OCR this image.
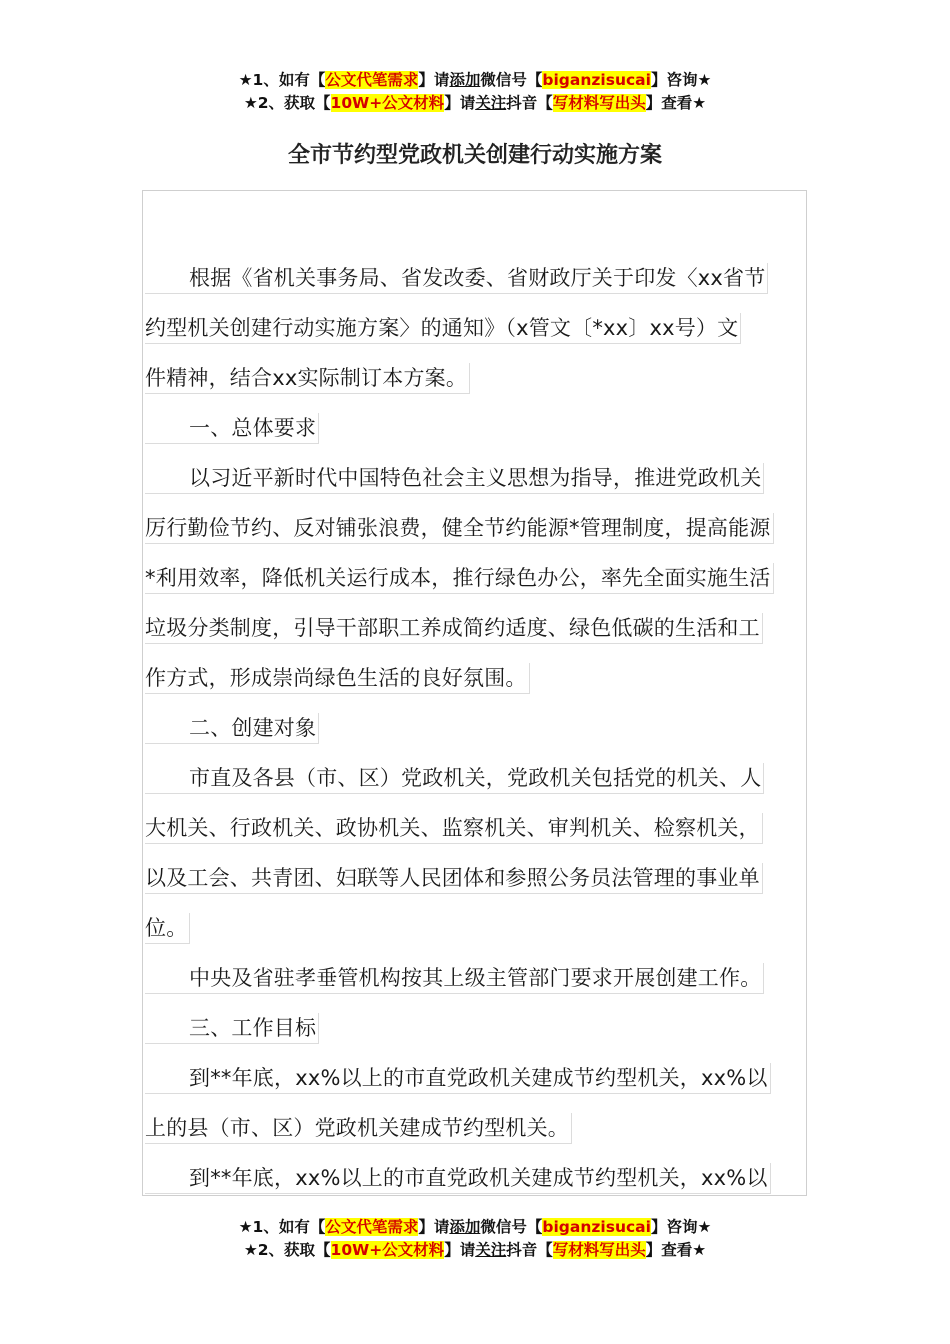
★1、如有【公文代笔需求】请添加微信号【biganzisucai】咨询★
★2、获取【10W+公文材料】请关注抖音【写材料写出头】查看★
全市节约型党政机关创建行动实施方案
根据《省机关事务局、省发改委、省财政厅关于印发〈xx省节
约型机关创建行动实施方案〉的通知》（x管文〔*xx〕xx号）文
件精神，结合xx实际制订本方案。
一、总体要求
以习近平新时代中国特色社会主义思想为指导，推进党政机关
厉行勤俭节约、反对铺张浪费，健全节约能源*管理制度，提高能源
*利用效率，降低机关运行成本，推行绿色办公，率先全面实施生活
垃圾分类制度，引导干部职工养成简约适度、绿色低碳的生活和工
作方式，形成崇尚绿色生活的良好氛围。
二、创建对象
市直及各县（市、区）党政机关，党政机关包括党的机关、人
大机关、行政机关、政协机关、监察机关、审判机关、检察机关，
以及工会、共青团、妇联等人民团体和参照公务员法管理的事业单
位。
中央及省驻孝垂管机构按其上级主管部门要求开展创建工作。
三、工作目标
到**年底，xx%以上的市直党政机关建成节约型机关，xx%以
上的县（市、区）党政机关建成节约型机关。
到**年底，xx%以上的市直党政机关建成节约型机关，xx%以
★1、如有【公文代笔需求】请添加微信号【biganzisucai】咨询★
★2、获取【10W+公文材料】请关注抖音【写材料写出头】查看★
